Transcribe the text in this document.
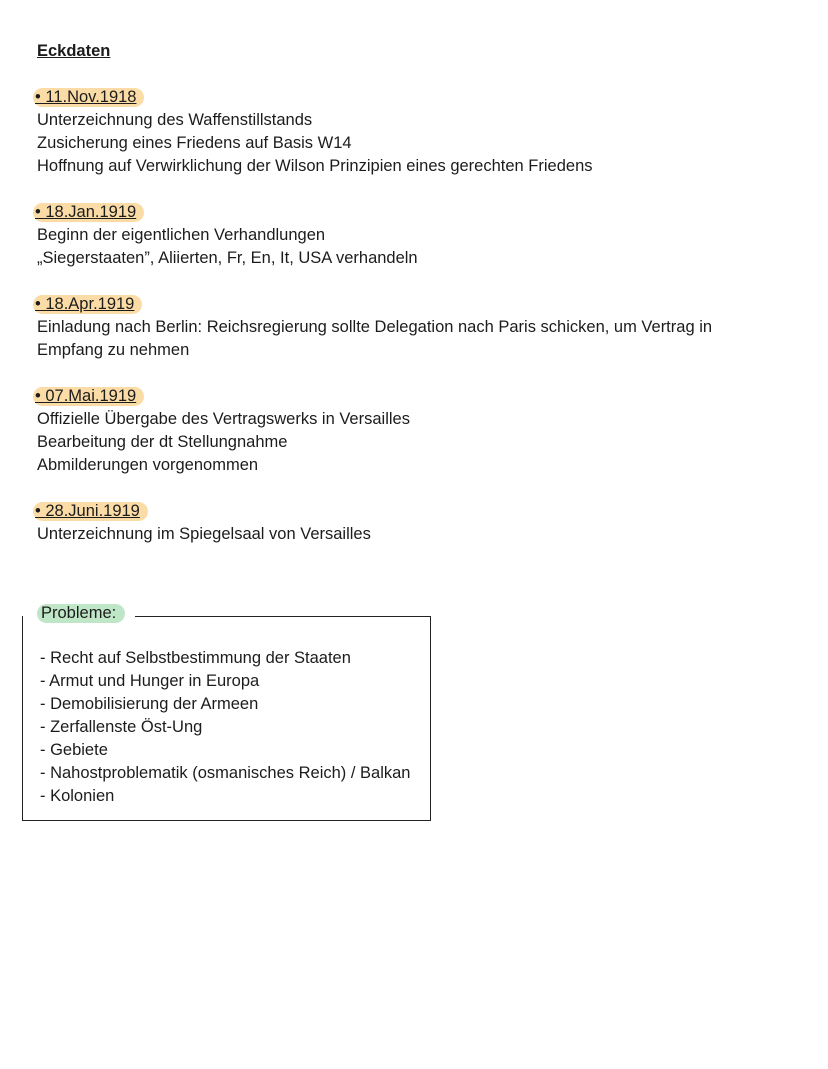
Eckdaten
• 11.Nov.1918
Unterzeichnung des Waffenstillstands
Zusicherung eines Friedens auf Basis W14
Hoffnung auf Verwirklichung der Wilson Prinzipien eines gerechten Friedens
• 18.Jan.1919
Beginn der eigentlichen Verhandlungen
„Siegerstaaten”, Aliierten, Fr, En, It, USA verhandeln
• 18.Apr.1919
Einladung nach Berlin: Reichsregierung sollte Delegation nach Paris schicken, um Vertrag in
Empfang zu nehmen
• 07.Mai.1919
Offizielle Übergabe des Vertragswerks in Versailles
Bearbeitung der dt Stellungnahme
Abmilderungen vorgenommen
• 28.Juni.1919
Unterzeichnung im Spiegelsaal von Versailles
Probleme:
- Recht auf Selbstbestimmung der Staaten
- Armut und Hunger in Europa
- Demobilisierung der Armeen
- Zerfallenste Öst-Ung
- Gebiete
- Nahostproblematik (osmanisches Reich) / Balkan
- Kolonien
